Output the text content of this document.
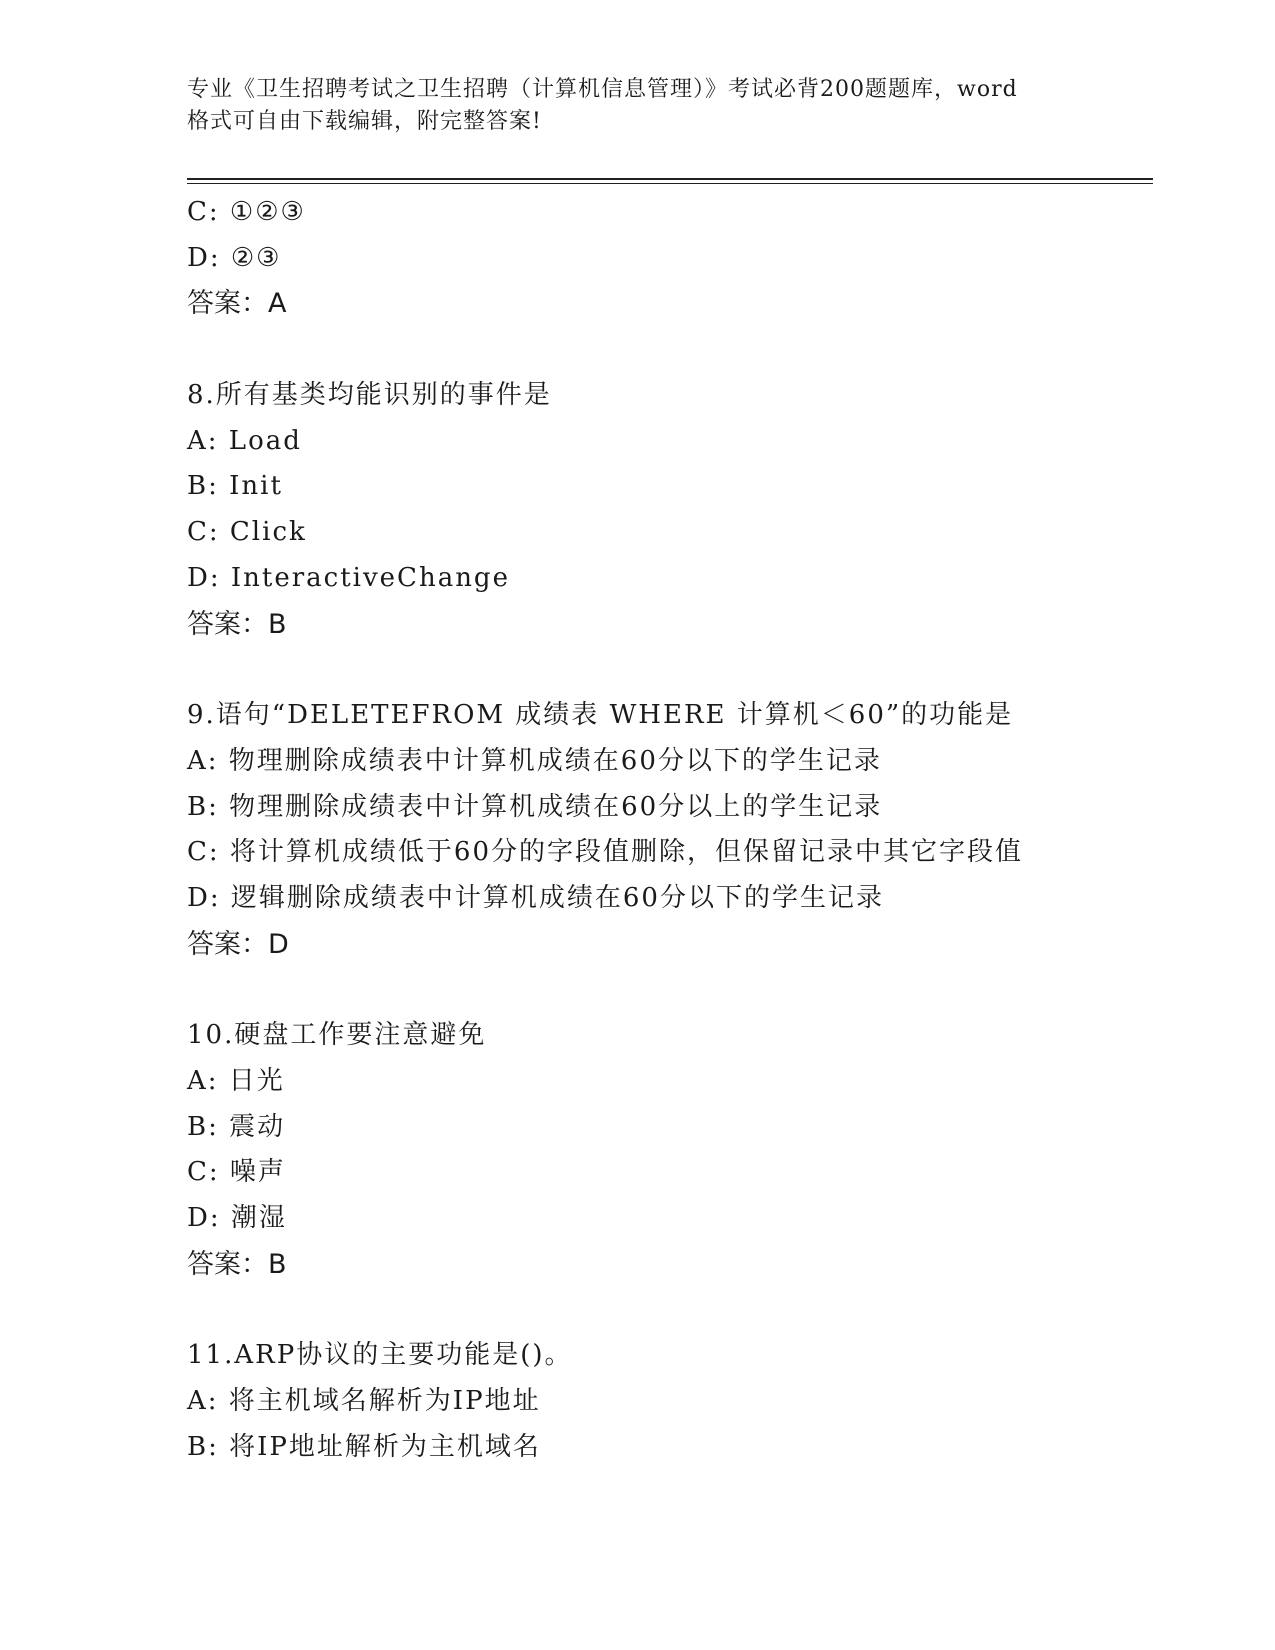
专业《卫生招聘考试之卫生招聘（计算机信息管理）》考试必背200题题库，word
格式可自由下载编辑，附完整答案!
C: ①②③
D: ②③
答案：A
8.所有基类均能识别的事件是
A: Load
B: Init
C: Click
D: InteractiveChange
答案：B
9.语句“DELETEFROM 成绩表 WHERE 计算机＜60”的功能是
A: 物理删除成绩表中计算机成绩在60分以下的学生记录
B: 物理删除成绩表中计算机成绩在60分以上的学生记录
C: 将计算机成绩低于60分的字段值删除，但保留记录中其它字段值
D: 逻辑删除成绩表中计算机成绩在60分以下的学生记录
答案：D
10.硬盘工作要注意避免
A: 日光
B: 震动
C: 噪声
D: 潮湿
答案：B
11.ARP协议的主要功能是()。
A: 将主机域名解析为IP地址
B: 将IP地址解析为主机域名
